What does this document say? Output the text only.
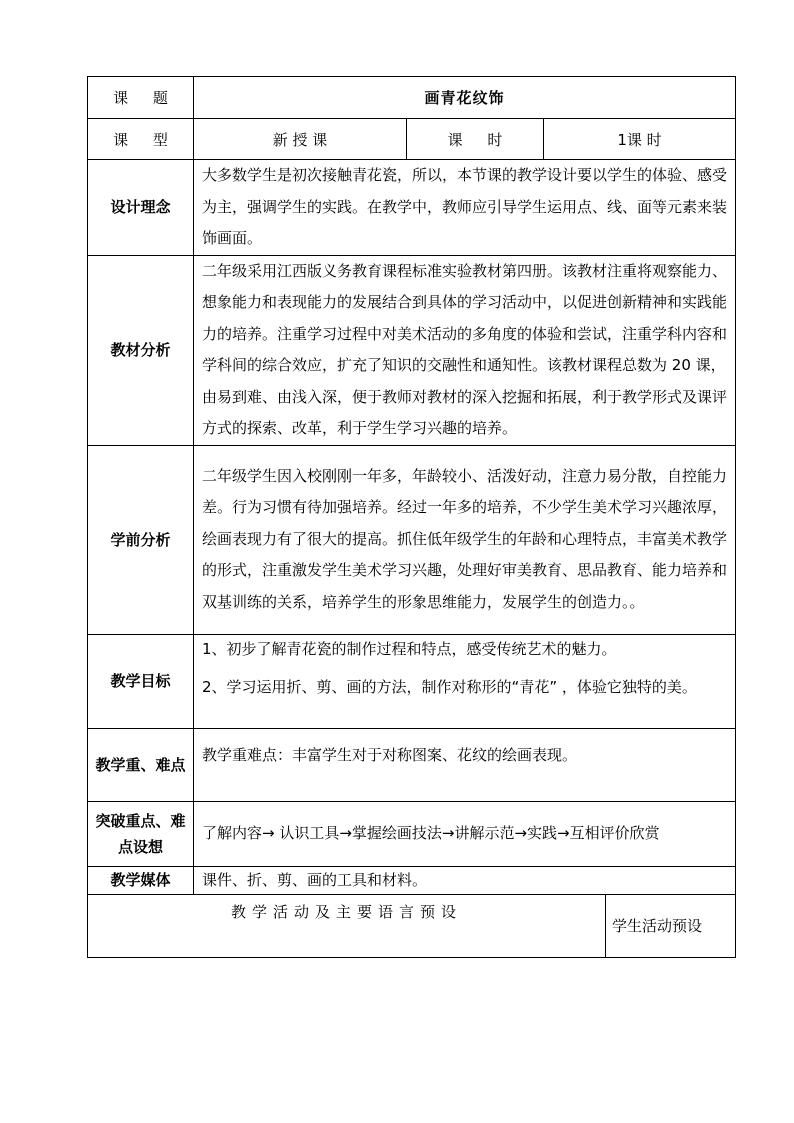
课 题	画青花纹饰			
课 型	新 授 课	课 时	1课 时	
设计理念	大多数学生是初次接触青花瓷，所以，本节课的教学设计要以学生的体验、感受为主，强调学生的实践。在教学中，教师应引导学生运用点、线、面等元素来装饰画面。			
教材分析	二年级采用江西版义务教育课程标准实验教材第四册。该教材注重将观察能力、想象能力和表现能力的发展结合到具体的学习活动中，以促进创新精神和实践能力的培养。注重学习过程中对美术活动的多角度的体验和尝试，注重学科内容和学科间的综合效应，扩充了知识的交融性和通知性。该教材课程总数为 20 课，由易到难、由浅入深，便于教师对教材的深入挖掘和拓展，利于教学形式及课评方式的探索、改革，利于学生学习兴趣的培养。			
学前分析	二年级学生因入校刚刚一年多，年龄较小、活泼好动，注意力易分散，自控能力差。行为习惯有待加强培养。经过一年多的培养，不少学生美术学习兴趣浓厚，绘画表现力有了很大的提高。抓住低年级学生的年龄和心理特点，丰富美术教学的形式，注重激发学生美术学习兴趣，处理好审美教育、思品教育、能力培养和双基训练的关系，培养学生的形象思维能力，发展学生的创造力。。			
教学目标	1、初步了解青花瓷的制作过程和特点，感受传统艺术的魅力。

2、学习运用折、剪、画的方法，制作对称形的“青花” ，体验它独特的美。			

教学重、难点	教学重难点：丰富学生对于对称图案、花纹的绘画表现。			
突破重点、难点设想	了解内容→ 认识工具→掌握绘画技法→讲解示范→实践→互相评价欣赏			
教学媒体	课件、折、剪、画的工具和材料。			
教学活动及主要语言预设				学生活动预设
